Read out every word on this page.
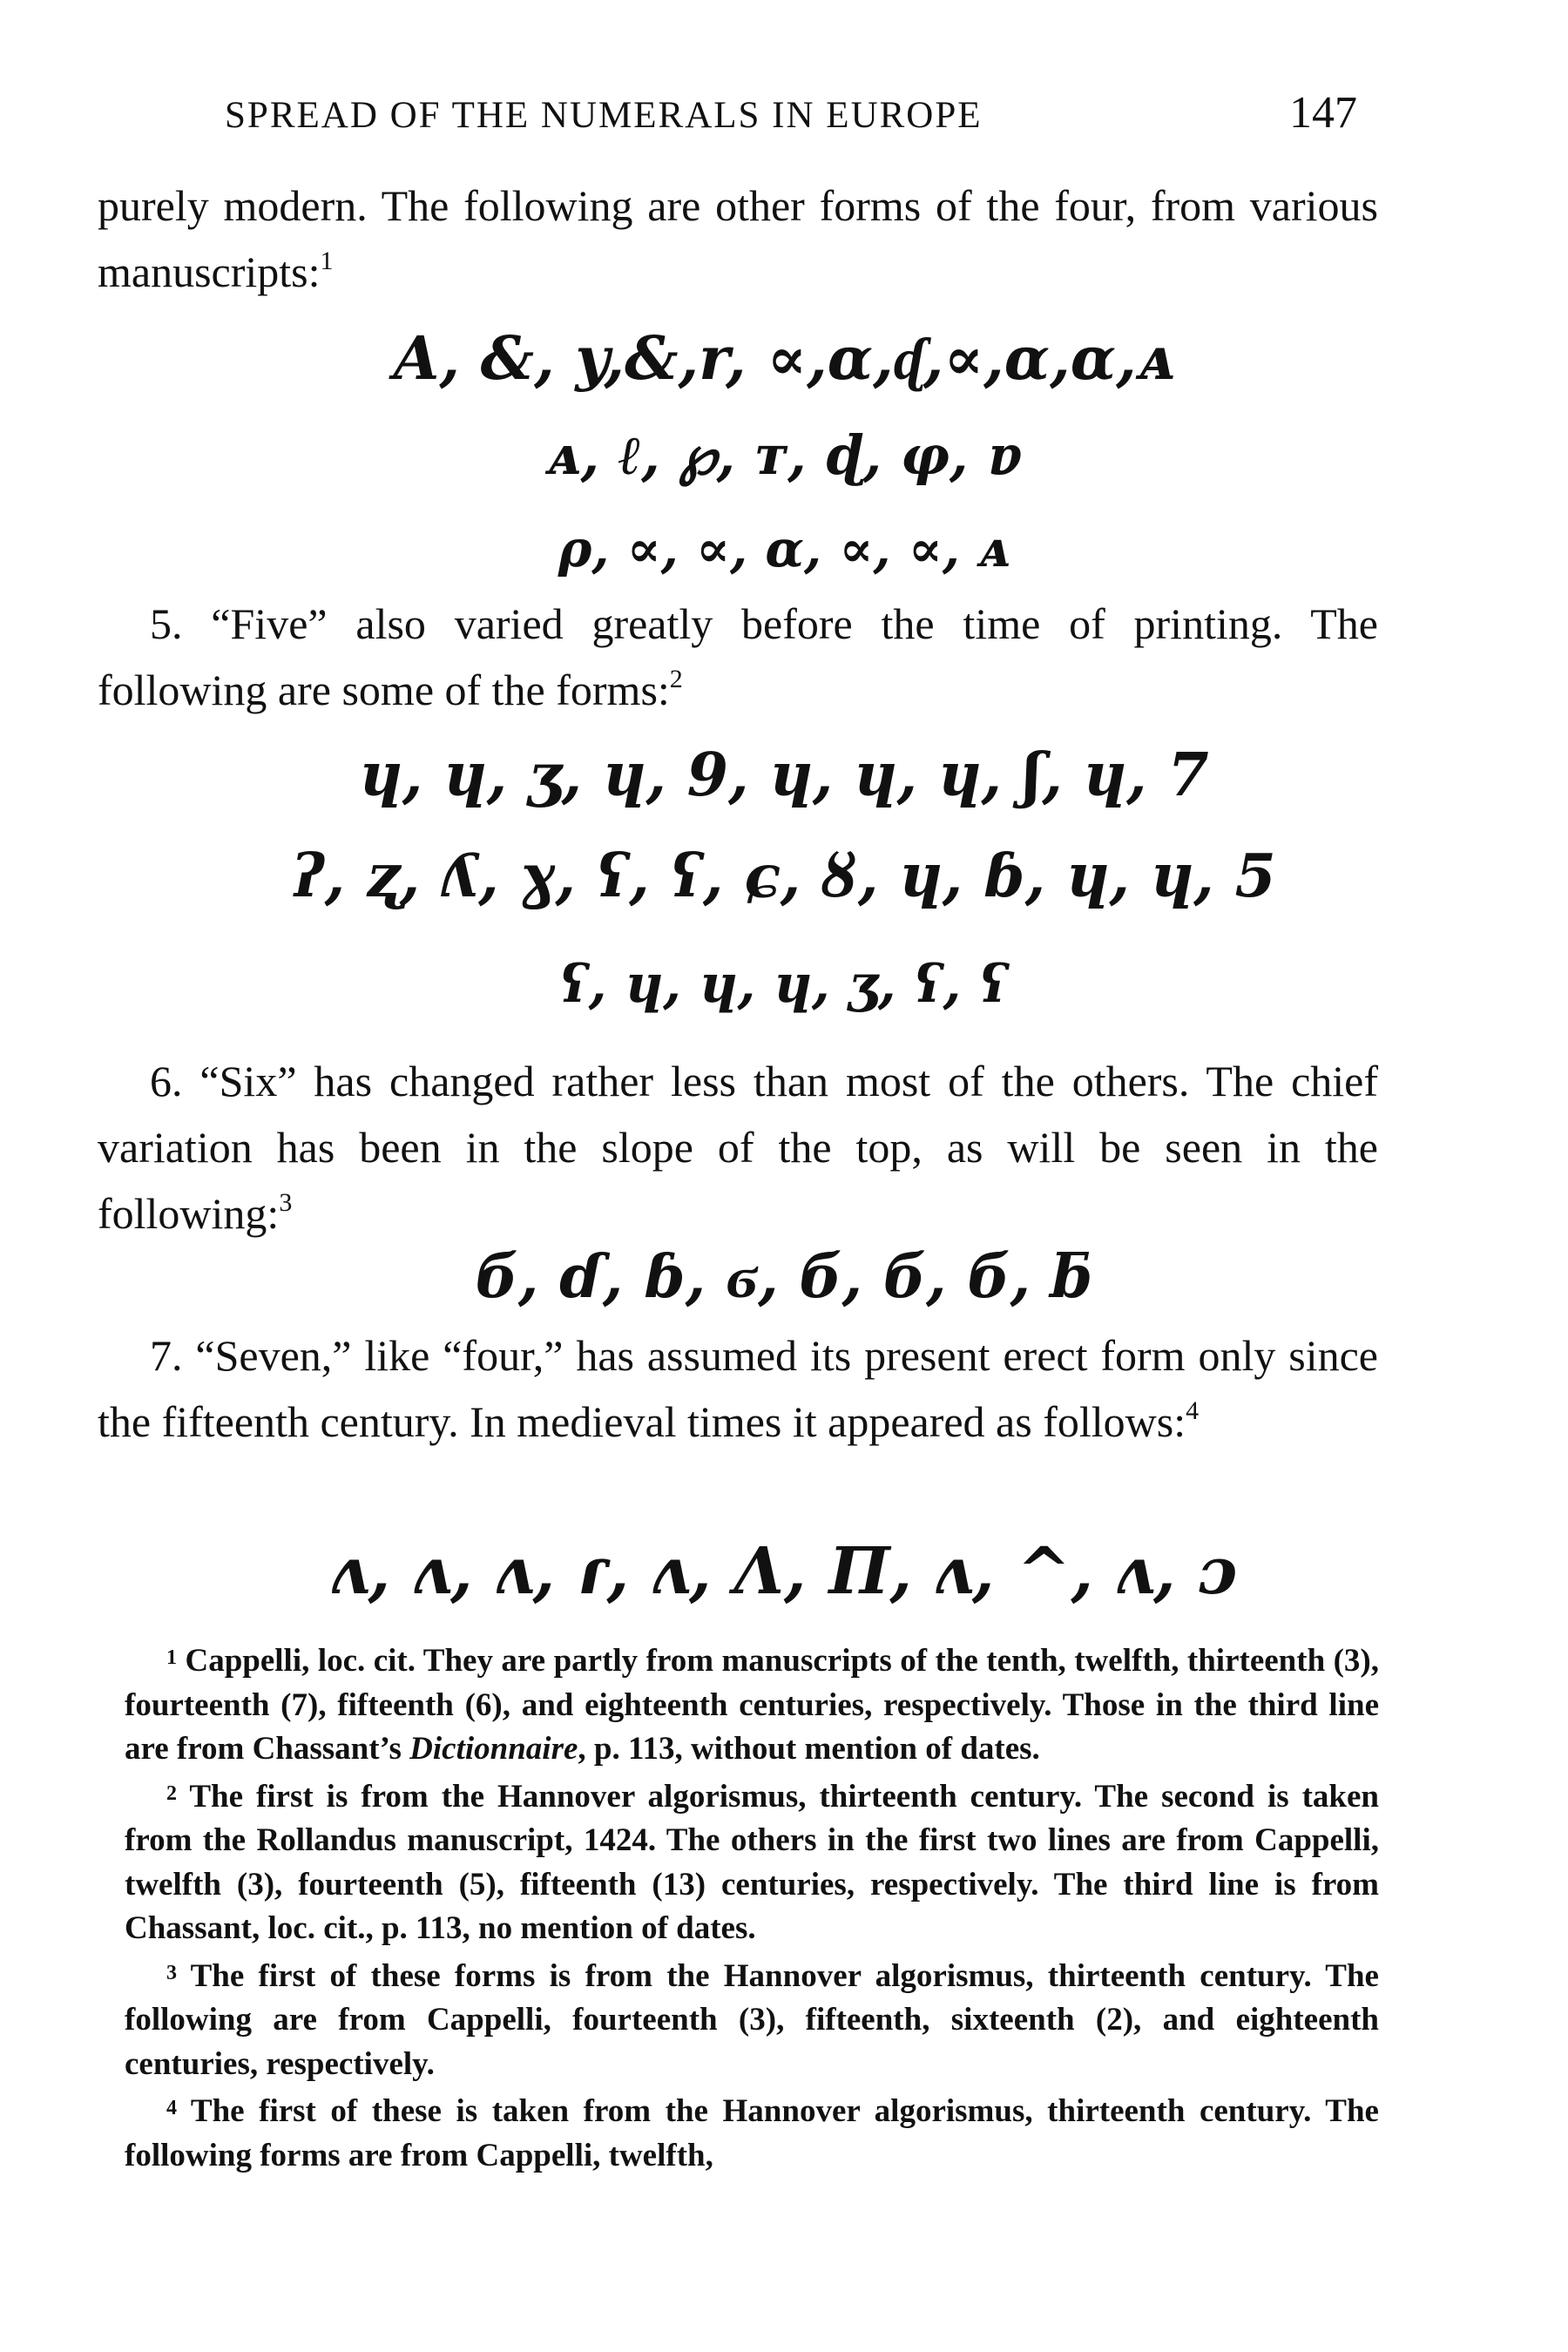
SPREAD OF THE NUMERALS IN EUROPE	147

purely modern. The following are other forms of the four, from various manuscripts:$^1$

A, &, y,&,r, ∝,ɑ,ᶑ,∝,ɑ,ɑ,ᴀ
ᴀ, ℓ, ℘, ᴛ, ɖ, φ, ɐ
ρ, ∝, ∝, ɑ, ∝, ∝, ᴀ

5. “Five” also varied greatly before the time of printing. The following are some of the forms:$^2$

ɥ, ɥ, ʒ, ɥ, 9, ɥ, ɥ, ɥ, ʃ, ɥ, 7
ʔ, ʐ, ʎ, ɣ, ʕ, ʕ, ɕ, ȣ, ɥ, ɓ, ɥ, ɥ, 5
ʕ, ɥ, ɥ, ɥ, ʒ, ʕ, ʕ

6. “Six” has changed rather less than most of the others. The chief variation has been in the slope of the top, as will be seen in the following:$^3$

б, ɗ, ɓ, ϭ, б, б, б, ƃ

7. “Seven,” like “four,” has assumed its present erect form only since the fifteenth century. In medieval times it appeared as follows:$^4$

ʌ, ʌ, ʌ, ɾ, ʌ, Λ, Π, ʌ, ^, ʌ, ɔ

$^1$ Cappelli, loc. cit. They are partly from manuscripts of the tenth, twelfth, thirteenth (3), fourteenth (7), fifteenth (6), and eighteenth centuries, respectively. Those in the third line are from Chassant’s Dictionnaire, p. 113, without mention of dates.

$^2$ The first is from the Hannover algorismus, thirteenth century. The second is taken from the Rollandus manuscript, 1424. The others in the first two lines are from Cappelli, twelfth (3), fourteenth (5), fifteenth (13) centuries, respectively. The third line is from Chassant, loc. cit., p. 113, no mention of dates.

$^3$ The first of these forms is from the Hannover algorismus, thirteenth century. The following are from Cappelli, fourteenth (3), fifteenth, sixteenth (2), and eighteenth centuries, respectively.

$^4$ The first of these is taken from the Hannover algorismus, thirteenth century. The following forms are from Cappelli, twelfth,
